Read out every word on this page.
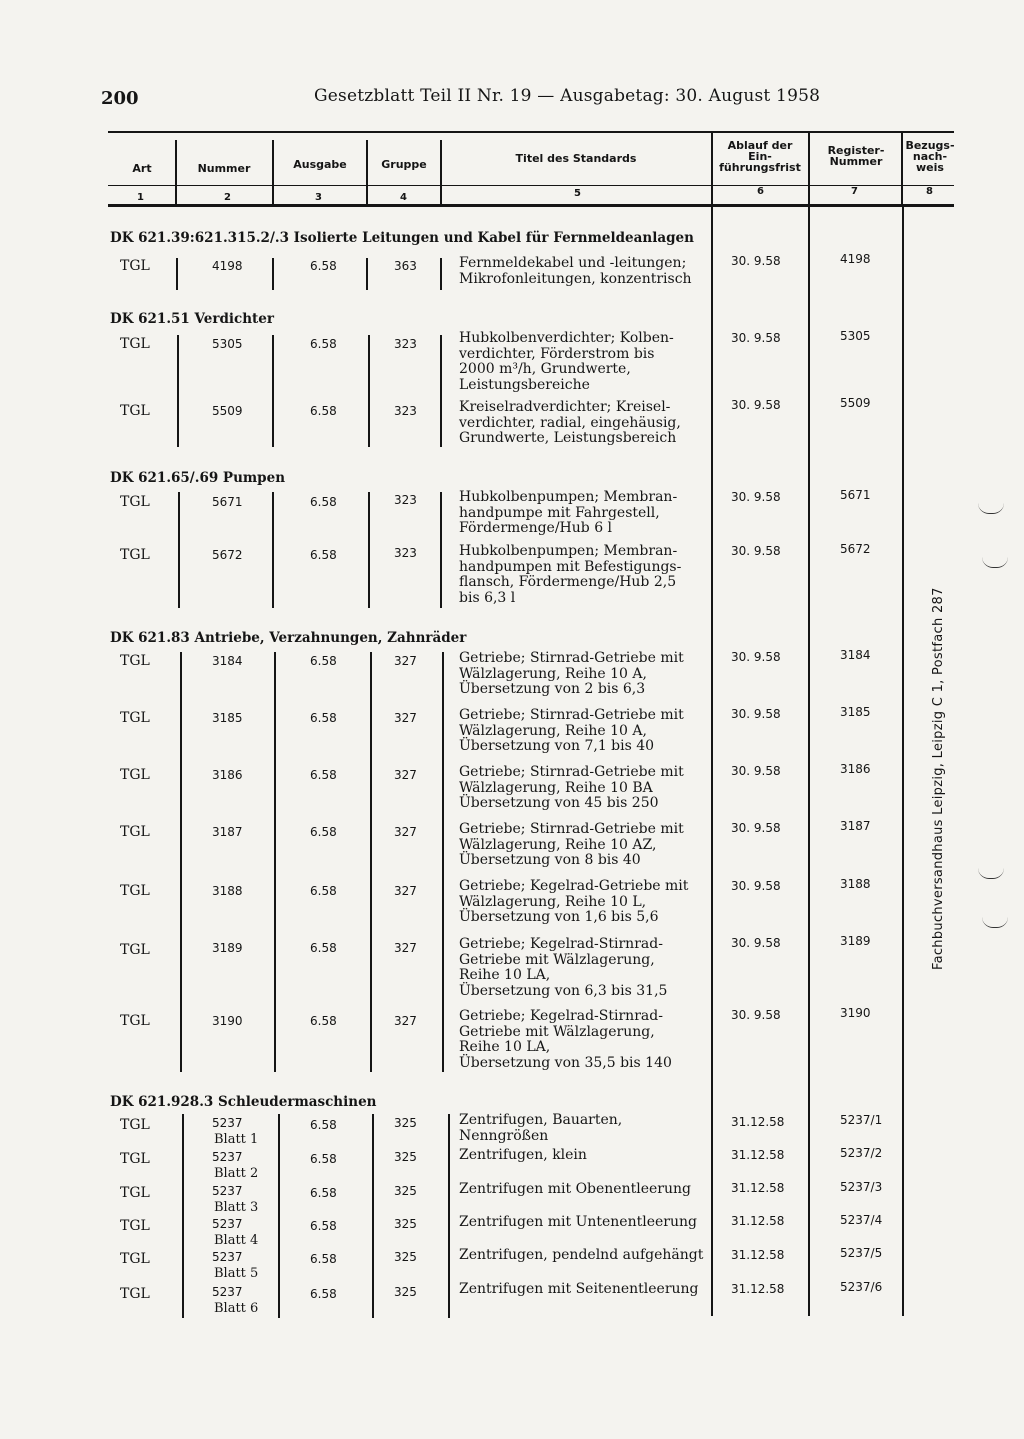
200	Gesetzblatt Teil II Nr. 19 — Ausgabetag: 30. August 1958
Art	Nummer	Ausgabe	Gruppe	Titel des Standards
Ablauf der Ein- führungsfrist
Register- Nummer
Bezugs- nach- weis
1	2	3	4	5	6	7	8
DK 621.39:621.315.2/.3 Isolierte Leitungen und Kabel für Fernmeldeanlagen
TGL	4198	6.58	363	Fernmeldekabel und -leitungen;
Mikrofonleitungen, konzentrisch
30. 9.58	4198
DK 621.51 Verdichter
TGL	5305	6.58	323	Hubkolbenverdichter; Kolben-
verdichter, Förderstrom bis
2000 m³/h, Grundwerte,
Leistungsbereiche
30. 9.58	5305
TGL	5509	6.58	323	Kreiselradverdichter; Kreisel-
verdichter, radial, eingehäusig,
Grundwerte, Leistungsbereich
30. 9.58	5509
DK 621.65/.69 Pumpen
TGL	5671	6.58	323	Hubkolbenpumpen; Membran-
handpumpe mit Fahrgestell,
Fördermenge/Hub 6 l
30. 9.58	5671
TGL	5672	6.58	323	Hubkolbenpumpen; Membran-
handpumpen mit Befestigungs-
flansch, Fördermenge/Hub 2,5
bis 6,3 l
30. 9.58	5672
DK 621.83 Antriebe, Verzahnungen, Zahnräder
TGL	3184	6.58	327	Getriebe; Stirnrad-Getriebe mit
Wälzlagerung, Reihe 10 A,
Übersetzung von 2 bis 6,3
30. 9.58	3184
TGL	3185	6.58	327	Getriebe; Stirnrad-Getriebe mit
Wälzlagerung, Reihe 10 A,
Übersetzung von 7,1 bis 40
30. 9.58	3185
TGL	3186	6.58	327	Getriebe; Stirnrad-Getriebe mit
Wälzlagerung, Reihe 10 BA
Übersetzung von 45 bis 250
30. 9.58	3186
TGL	3187	6.58	327	Getriebe; Stirnrad-Getriebe mit
Wälzlagerung, Reihe 10 AZ,
Übersetzung von 8 bis 40
30. 9.58	3187
TGL	3188	6.58	327	Getriebe; Kegelrad-Getriebe mit
Wälzlagerung, Reihe 10 L,
Übersetzung von 1,6 bis 5,6
30. 9.58	3188
TGL	3189	6.58	327	Getriebe; Kegelrad-Stirnrad-
Getriebe mit Wälzlagerung,
Reihe 10 LA,
Übersetzung von 6,3 bis 31,5
30. 9.58	3189
TGL	3190	6.58	327	Getriebe; Kegelrad-Stirnrad-
Getriebe mit Wälzlagerung,
Reihe 10 LA,
Übersetzung von 35,5 bis 140
30. 9.58	3190
DK 621.928.3 Schleudermaschinen
TGL	5237
Blatt 1
6.58	325	Zentrifugen, Bauarten,
Nenngrößen
31.12.58	5237/1
TGL	5237
Blatt 2
6.58	325	Zentrifugen, klein	31.12.58	5237/2
TGL	5237
Blatt 3
6.58	325	Zentrifugen mit Obenentleerung	31.12.58	5237/3
TGL	5237
Blatt 4
6.58	325	Zentrifugen mit Untenentleerung	31.12.58	5237/4
TGL	5237
Blatt 5
6.58	325	Zentrifugen, pendelnd aufgehängt 31.12.58	5237/5
TGL	5237
Blatt 6
6.58	325	Zentrifugen mit Seitenentleerung	31.12.58	5237/6
Fachbuchversandhaus Leipzig, Leipzig C 1, Postfach 287
